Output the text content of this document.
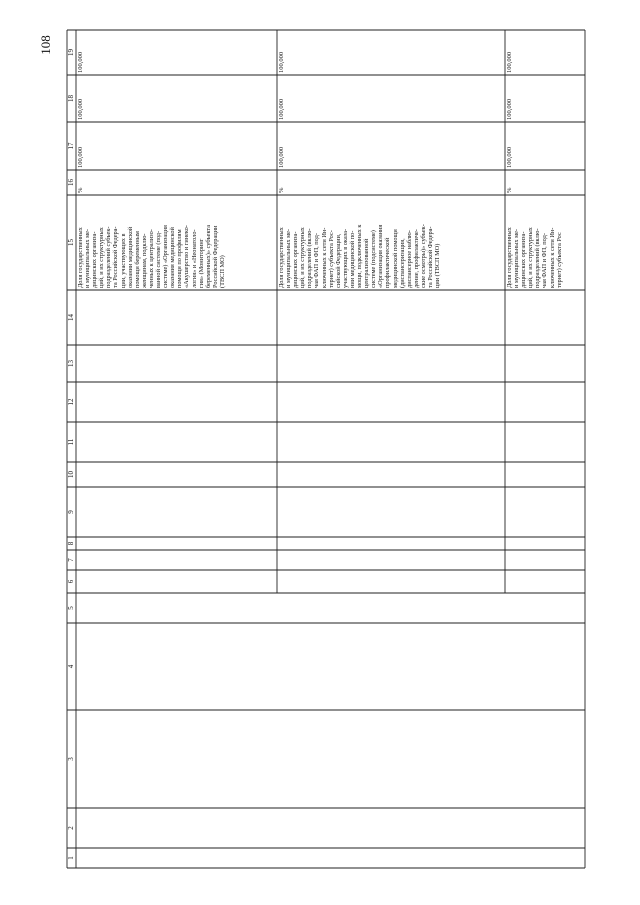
108
1
2
3
4
5
6
7
8
9
10
11
12
13
14
15
16
17
18
19

Доля государственных и муниципальных ме- дицинских организа- ций, и их структурных подразделений субъек- та Российской Федера- ции, участвующих в оказании медицинской помощи беременным женщинам, подклю- ченных к централизо- ванной системе (под- системе) «Организация оказания медицинской помощи по профилям «Акушерство и гинеко- логия» и «Неонатоло- гия» (Мониторинг беременных)» субъекта Российской Федерации (ТВСП МО)

%
100,000
100,000
100,000

Доля государственных и муниципальных ме- дицинских организа- ций, и их структурных подразделений (вклю- чая ФАП и ФП, под- ключенных к сети Ин- тернет) субъекта Рос- сийской Федерации, участвующих в оказа- нии медицинской по- мощи, подключенных к централизованной системе (подсистеме) «Организация оказания профилактической медицинской помощи (диспансеризация, диспансерное наблю- дение, профилактиче- ские осмотры)» субъек- та Российской Федера- ции (ТВСП МО)

%
100,000
100,000
100,000

Доля государственных и муниципальных ме- дицинских организа- ций, и их структурных подразделений (вклю- чая ФАП и ФП, под- ключенных к сети Ин- тернет) субъекта Рос

%
100,000
100,000
100,000
